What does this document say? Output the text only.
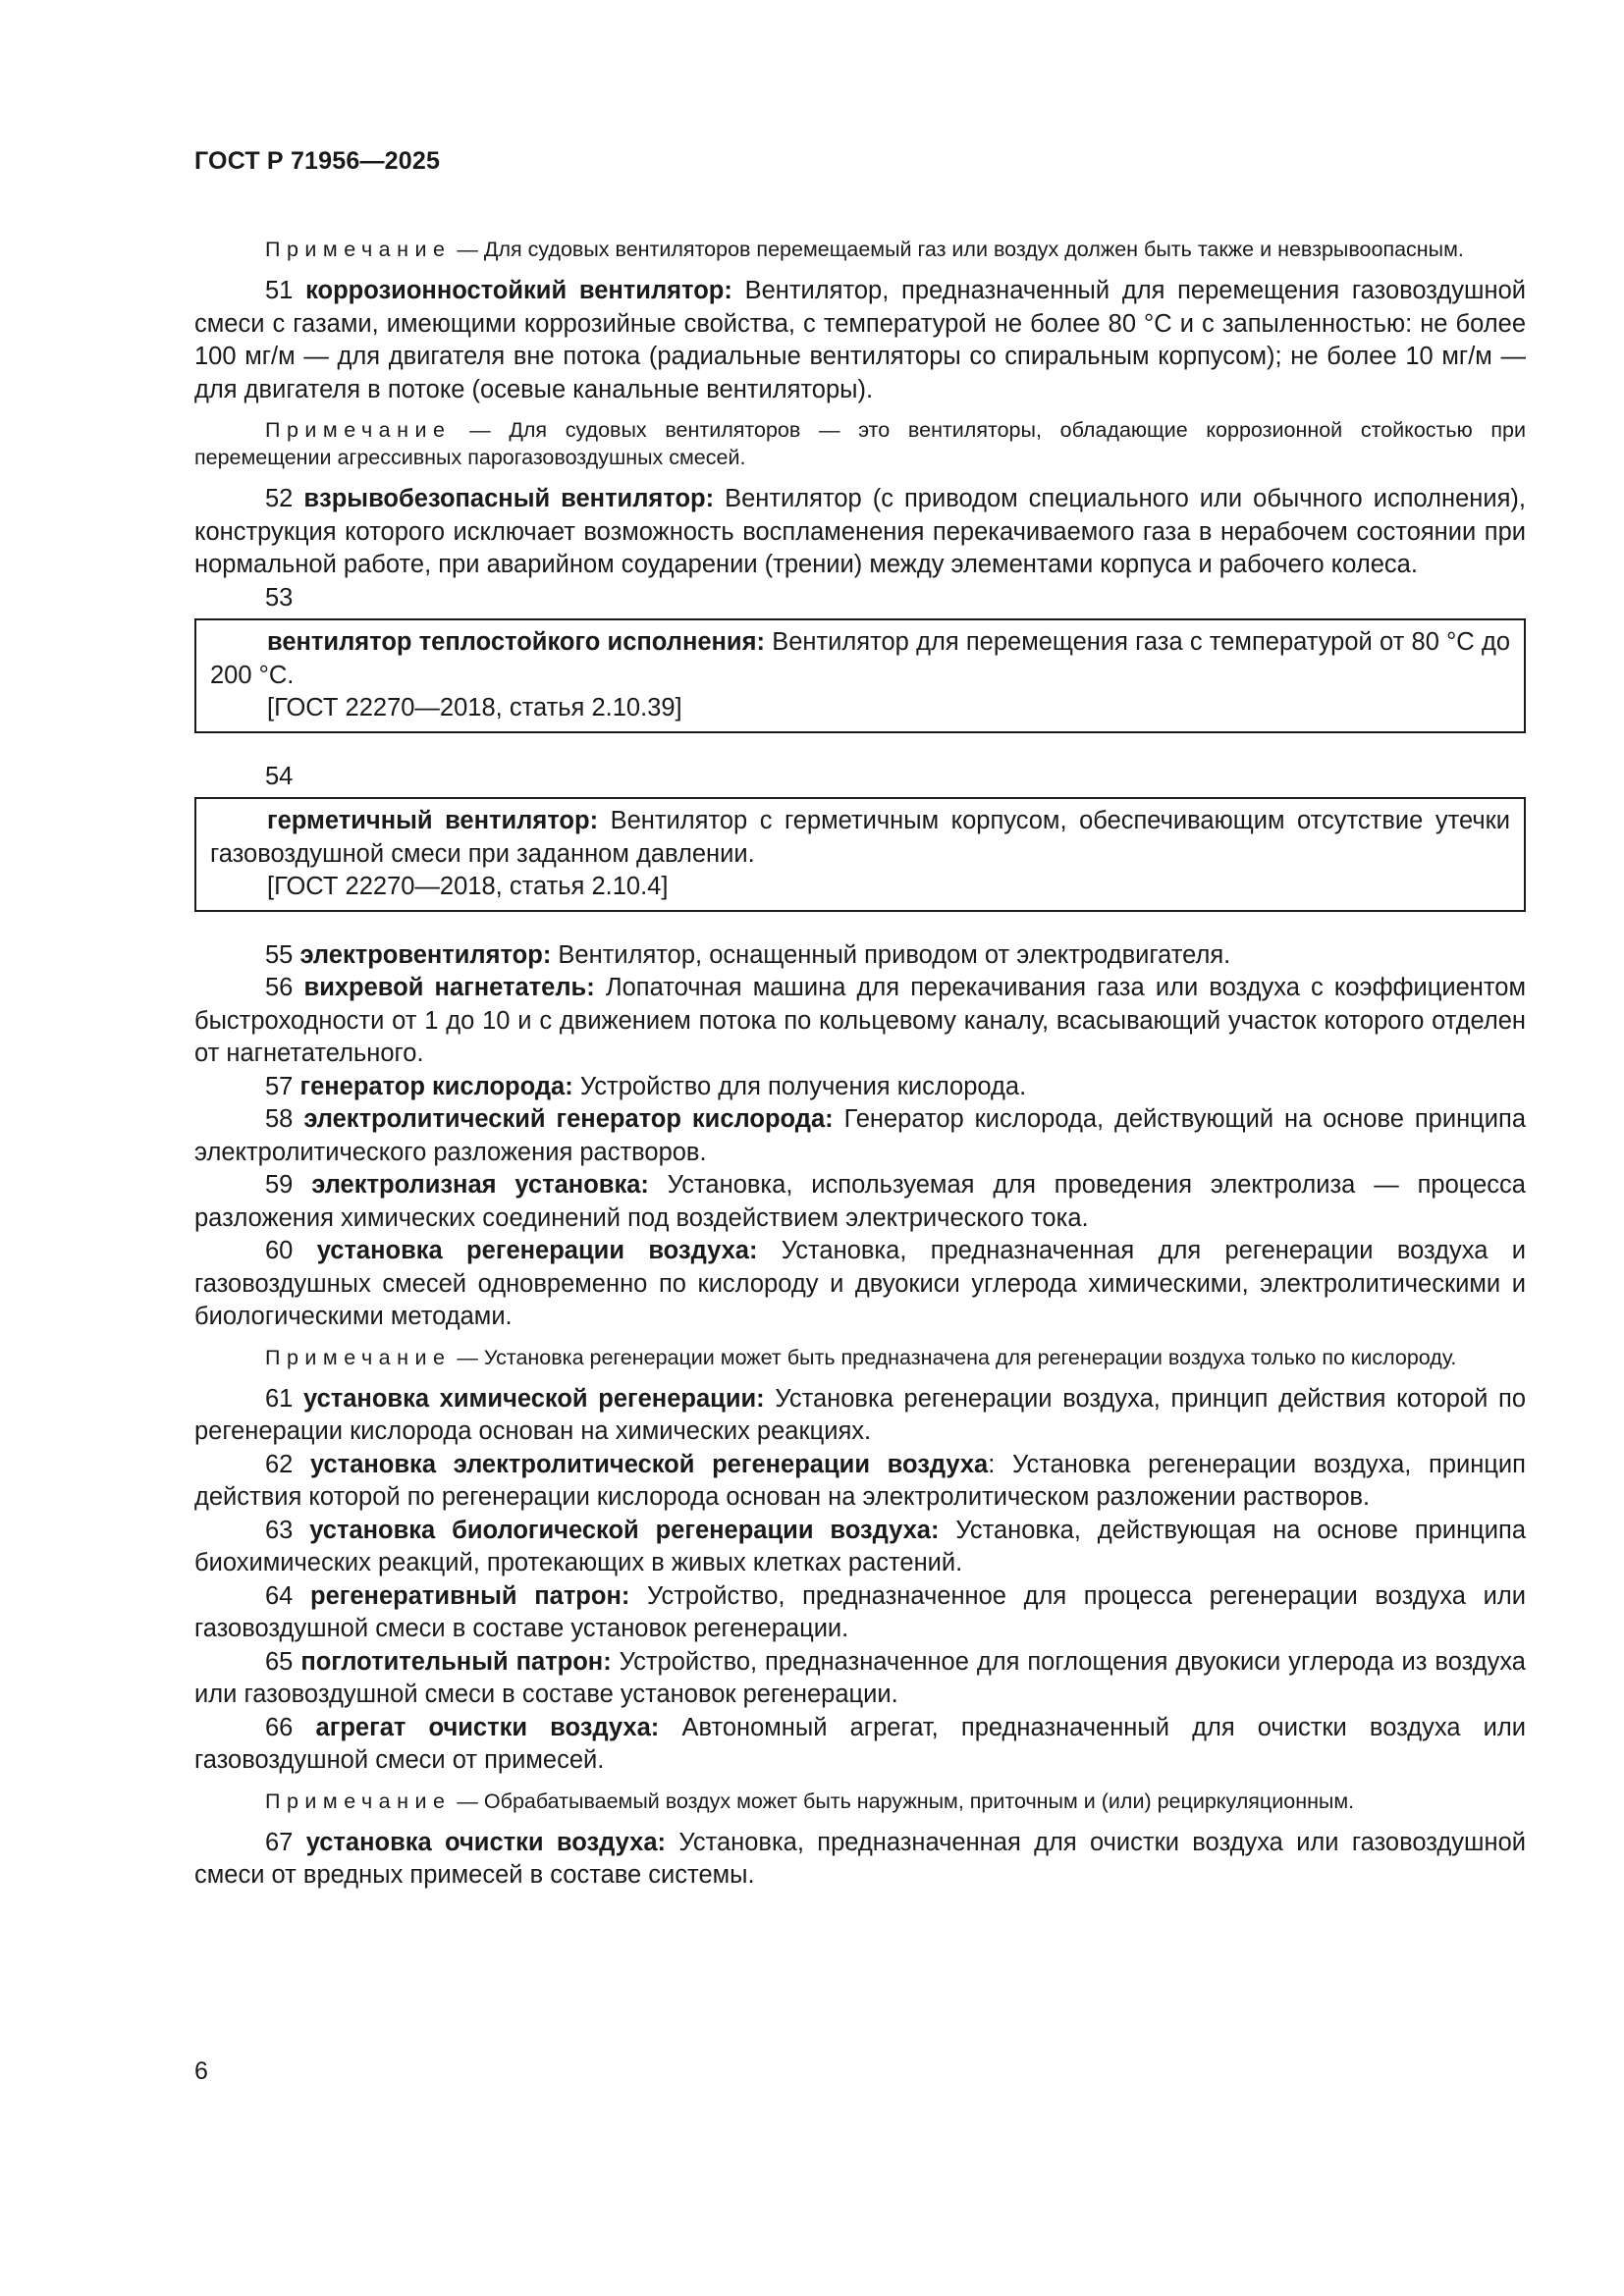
ГОСТ Р 71956—2025

Примечание — Для судовых вентиляторов перемещаемый газ или воздух должен быть также и невзрывоопасным.

51 коррозионностойкий вентилятор: Вентилятор, предназначенный для перемещения газовоздушной смеси с газами, имеющими коррозийные свойства, с температурой не более 80 °С и с запыленностью: не более 100 мг/м — для двигателя вне потока (радиальные вентиляторы со спиральным корпусом); не более 10 мг/м — для двигателя в потоке (осевые канальные вентиляторы).

Примечание — Для судовых вентиляторов — это вентиляторы, обладающие коррозионной стойкостью при перемещении агрессивных парогазовоздушных смесей.

52 взрывобезопасный вентилятор: Вентилятор (с приводом специального или обычного исполнения), конструкция которого исключает возможность воспламенения перекачиваемого газа в нерабочем состоянии при нормальной работе, при аварийном соударении (трении) между элементами корпуса и рабочего колеса.

53

вентилятор теплостойкого исполнения: Вентилятор для перемещения газа с температурой от 80 °С до 200 °С.

[ГОСТ 22270—2018, статья 2.10.39]

54

герметичный вентилятор: Вентилятор с герметичным корпусом, обеспечивающим отсутствие утечки газовоздушной смеси при заданном давлении.

[ГОСТ 22270—2018, статья 2.10.4]

55 электровентилятор: Вентилятор, оснащенный приводом от электродвигателя.

56 вихревой нагнетатель: Лопаточная машина для перекачивания газа или воздуха с коэффициентом быстроходности от 1 до 10 и с движением потока по кольцевому каналу, всасывающий участок которого отделен от нагнетательного.

57 генератор кислорода: Устройство для получения кислорода.

58 электролитический генератор кислорода: Генератор кислорода, действующий на основе принципа электролитического разложения растворов.

59 электролизная установка: Установка, используемая для проведения электролиза — процесса разложения химических соединений под воздействием электрического тока.

60 установка регенерации воздуха: Установка, предназначенная для регенерации воздуха и газовоздушных смесей одновременно по кислороду и двуокиси углерода химическими, электролитическими и биологическими методами.

Примечание — Установка регенерации может быть предназначена для регенерации воздуха только по кислороду.

61 установка химической регенерации: Установка регенерации воздуха, принцип действия которой по регенерации кислорода основан на химических реакциях.

62 установка электролитической регенерации воздуха: Установка регенерации воздуха, принцип действия которой по регенерации кислорода основан на электролитическом разложении растворов.

63 установка биологической регенерации воздуха: Установка, действующая на основе принципа биохимических реакций, протекающих в живых клетках растений.

64 регенеративный патрон: Устройство, предназначенное для процесса регенерации воздуха или газовоздушной смеси в составе установок регенерации.

65 поглотительный патрон: Устройство, предназначенное для поглощения двуокиси углерода из воздуха или газовоздушной смеси в составе установок регенерации.

66 агрегат очистки воздуха: Автономный агрегат, предназначенный для очистки воздуха или газовоздушной смеси от примесей.

Примечание — Обрабатываемый воздух может быть наружным, приточным и (или) рециркуляционным.

67 установка очистки воздуха: Установка, предназначенная для очистки воздуха или газовоздушной смеси от вредных примесей в составе системы.

6
